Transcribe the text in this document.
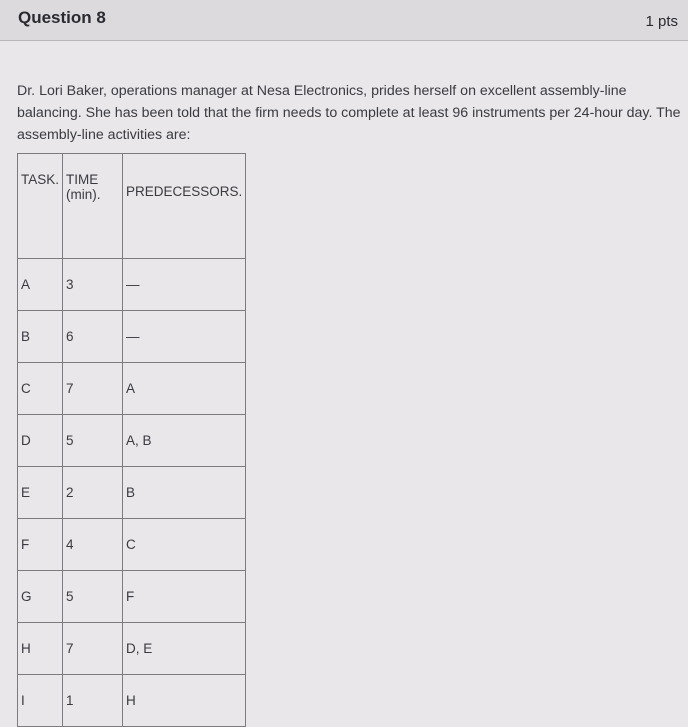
Question 8	1 pts
Dr. Lori Baker, operations manager at Nesa Electronics, prides herself on excellent assembly-line balancing. She has been told that the firm needs to complete at least 96 instruments per 24-hour day. The assembly-line activities are:
TASK.	TIME (min).	PREDECESSORS.
A	3	—
B	6	—
C	7	A
D	5	A, B
E	2	B
F	4	C
G	5	F
H	7	D, E
I	1	H
